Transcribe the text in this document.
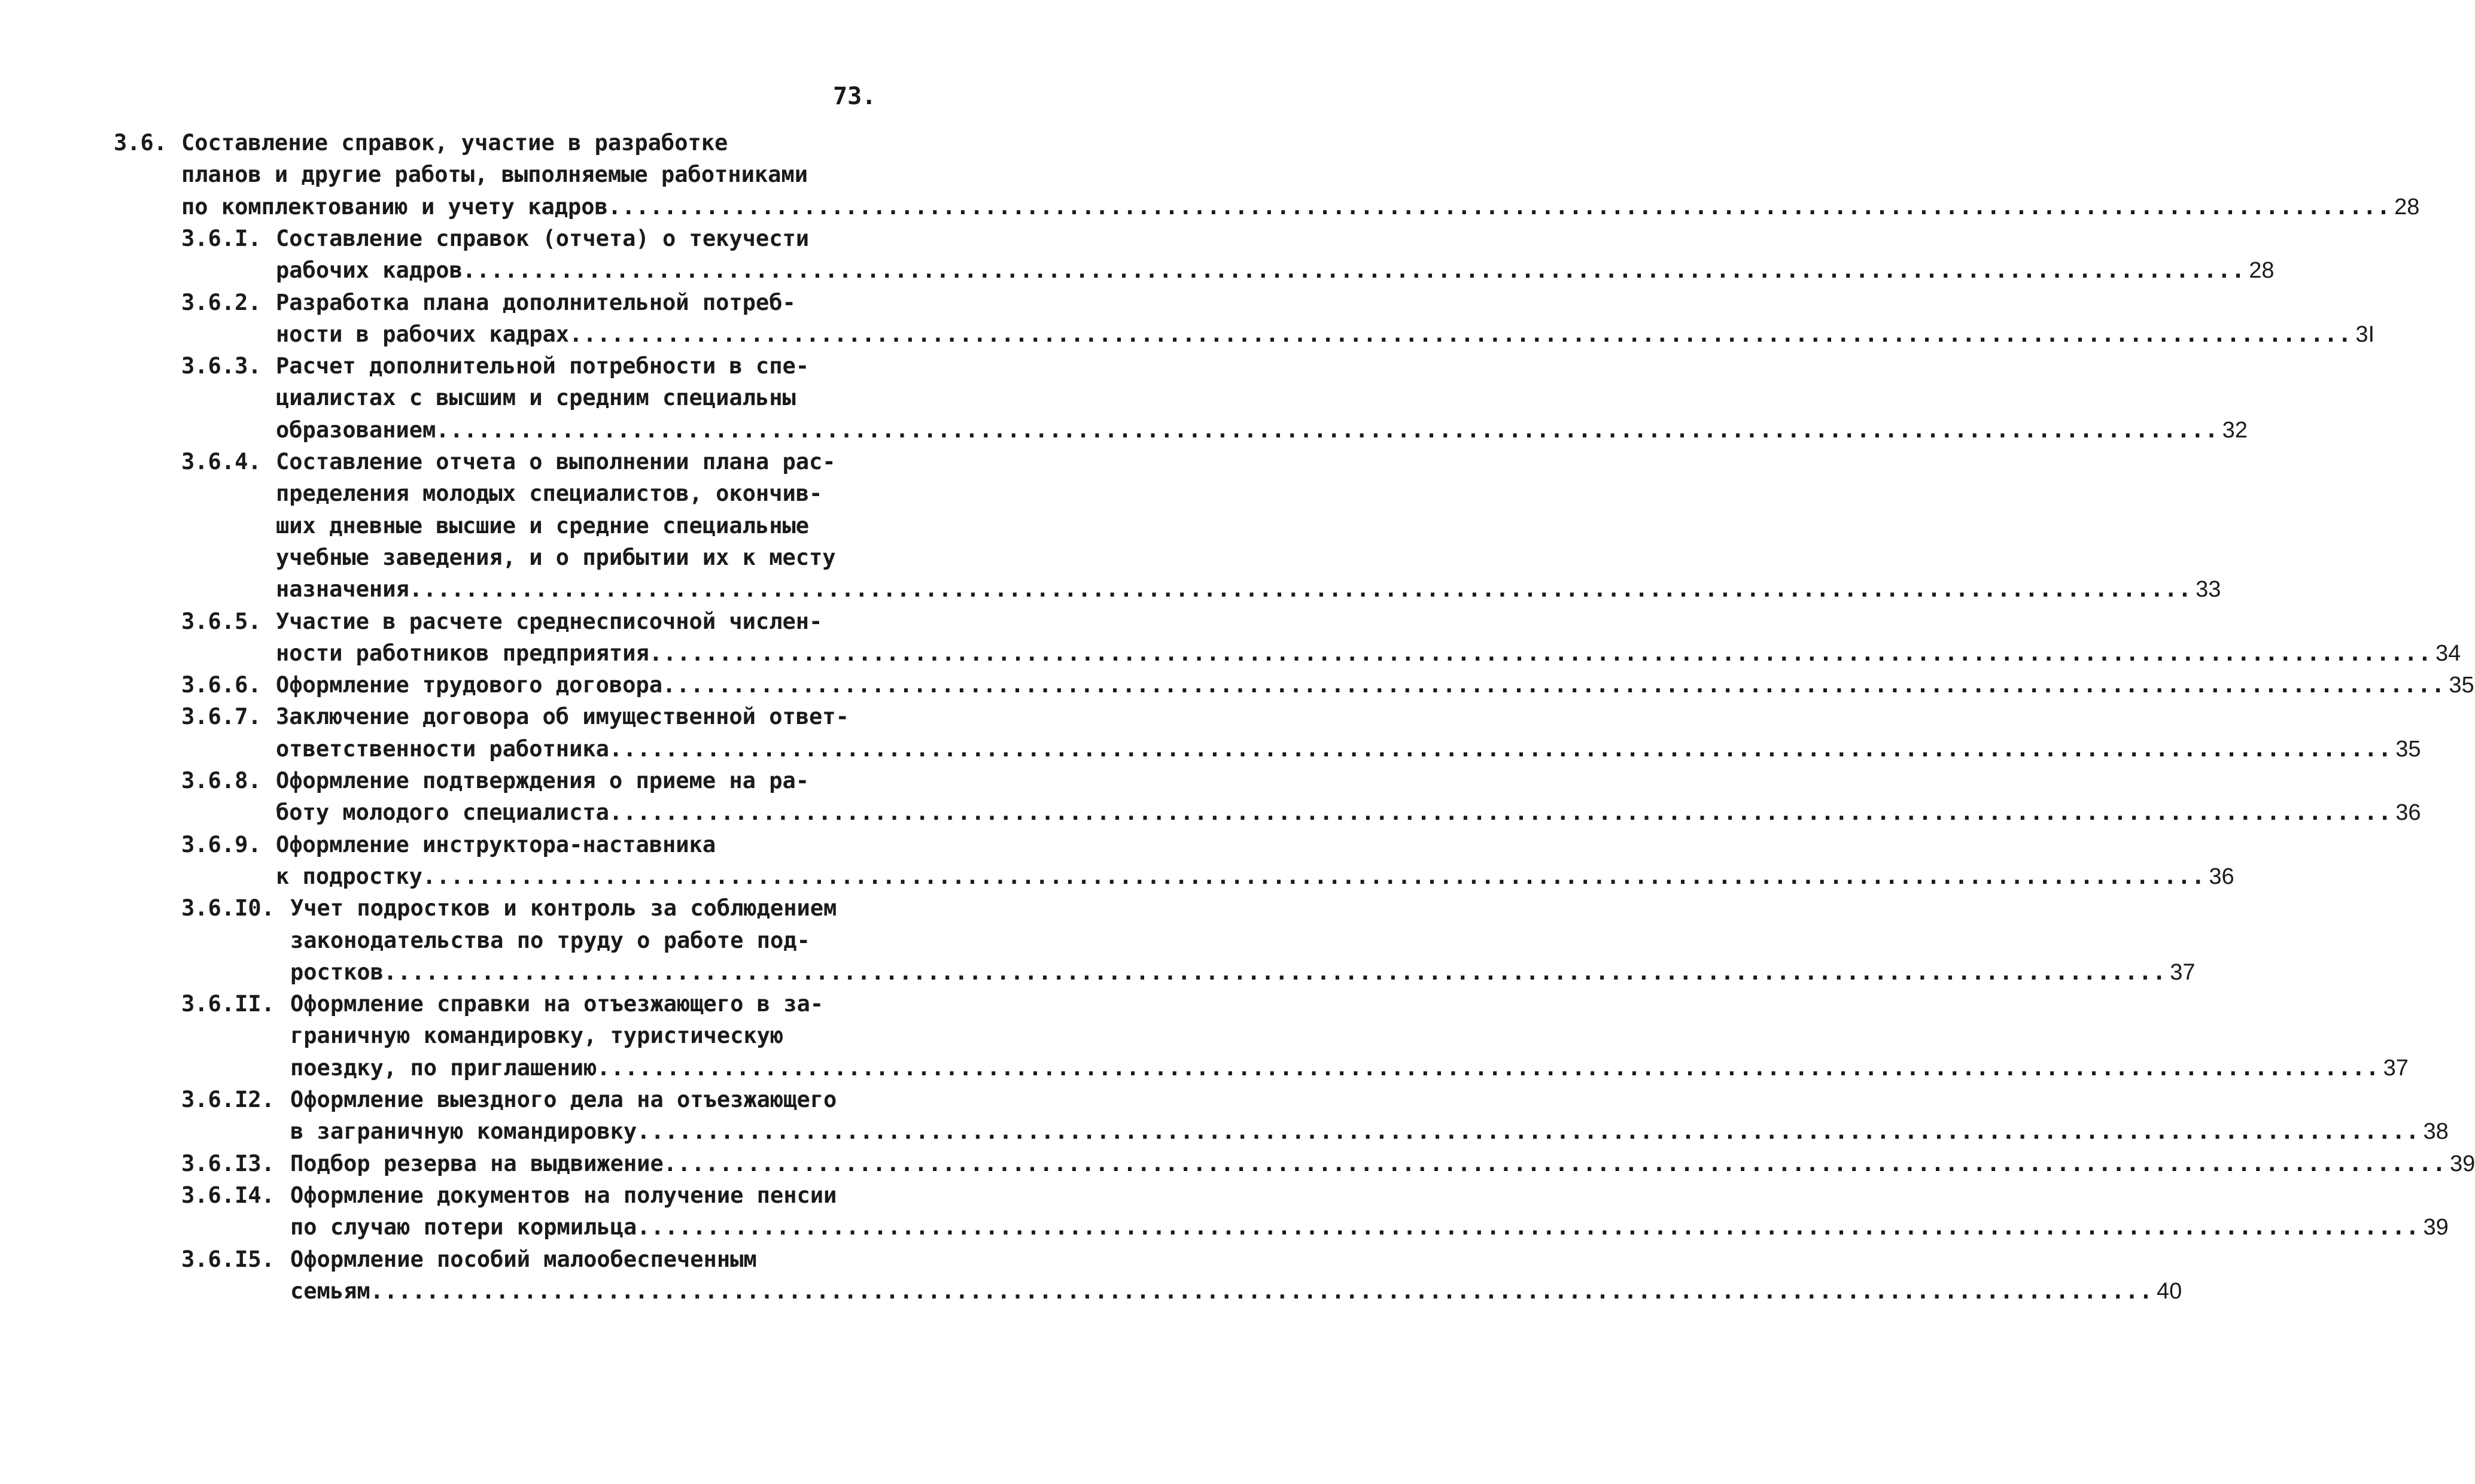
73.
3.6. Составление справок, участие в разработке
планов и другие работы, выполняемые работниками
по комплектованию и учету кадров ................................................................................................................................ 28
3.6.I. Составление справок (отчета) о текучести
рабочих кадров ................................................................................................................................ 28
3.6.2. Разработка плана дополнительной потреб-
ности в рабочих кадрах ................................................................................................................................ 3I
3.6.3. Расчет дополнительной потребности в спе-
циалистах с высшим и средним специальны
образованием ................................................................................................................................ 32
3.6.4. Составление отчета о выполнении плана рас-
пределения молодых специалистов, окончив-
ших дневные высшие и средние специальные
учебные заведения, и о прибытии их к месту
назначения ................................................................................................................................ 33
3.6.5. Участие в расчете среднесписочной числен-
ности работников предприятия ................................................................................................................................ 34
3.6.6. Оформление трудового договора ................................................................................................................................ 35
3.6.7. Заключение договора об имущественной ответ-
ответственности работника ................................................................................................................................ 35
3.6.8. Оформление подтверждения о приеме на ра-
боту молодого специалиста ................................................................................................................................ 36
3.6.9. Оформление инструктора-наставника
к подростку ................................................................................................................................ 36
3.6.I0. Учет подростков и контроль за соблюдением
законодательства по труду о работе под-
ростков ................................................................................................................................ 37
3.6.II. Оформление справки на отъезжающего в за-
граничную командировку, туристическую
поездку, по приглашению ................................................................................................................................ 37
3.6.I2. Оформление выездного дела на отъезжающего
в заграничную командировку ................................................................................................................................ 38
3.6.I3. Подбор резерва на выдвижение ................................................................................................................................ 39
3.6.I4. Оформление документов на получение пенсии
по случаю потери кормильца ................................................................................................................................ 39
3.6.I5. Оформление пособий малообеспеченным
семьям ................................................................................................................................ 40
